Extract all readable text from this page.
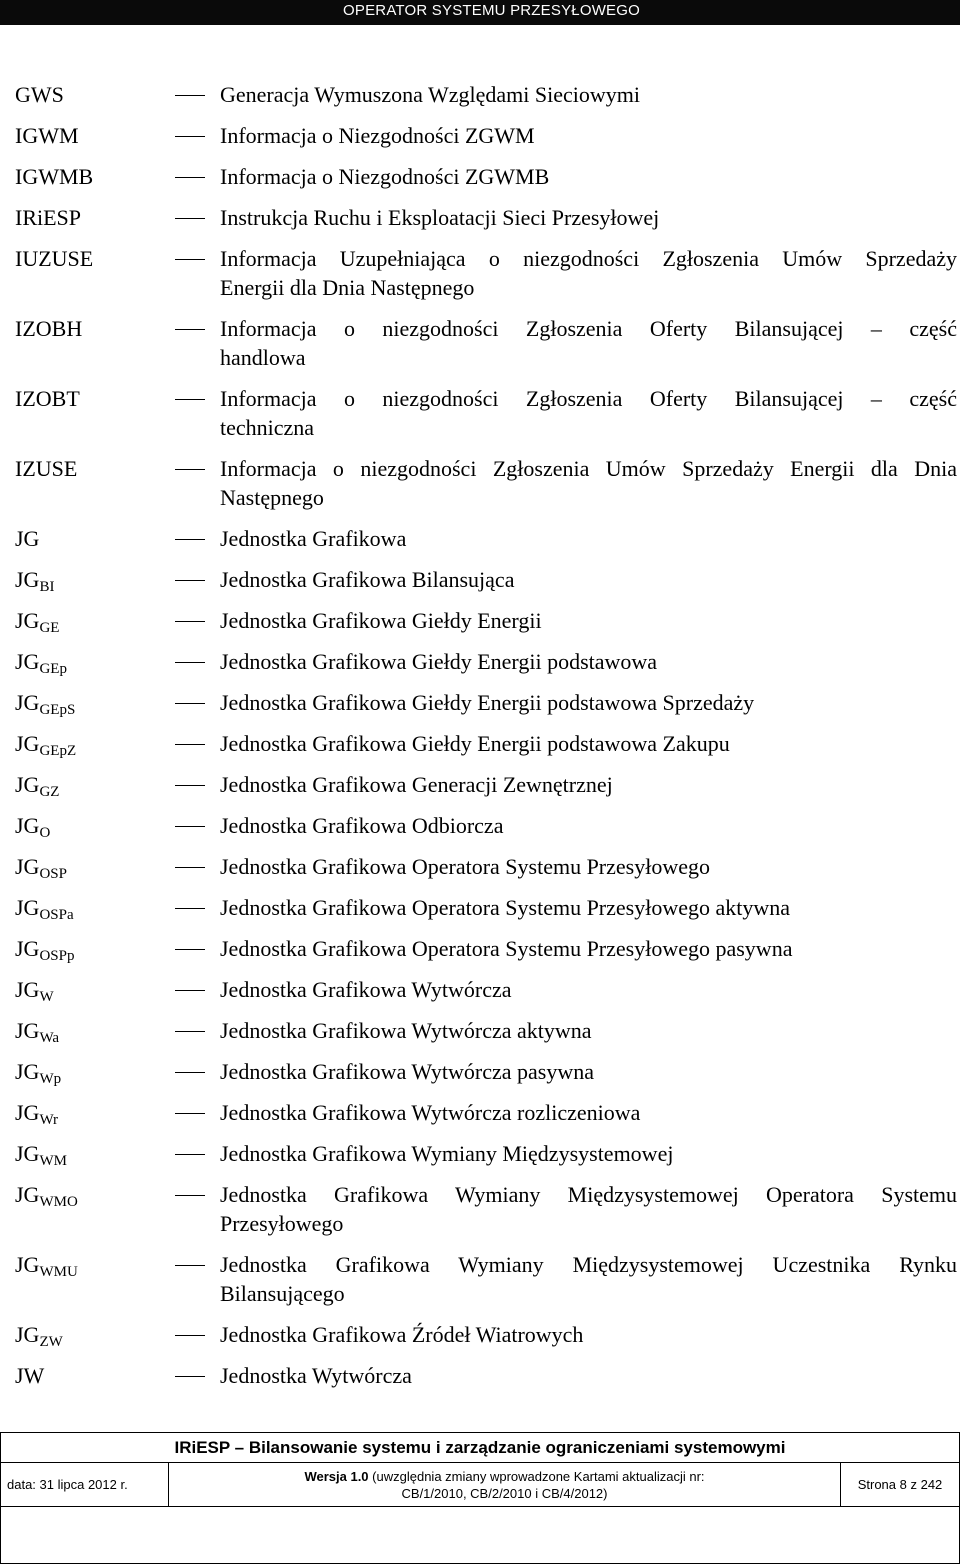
OPERATOR SYSTEMU PRZESYŁOWEGO
GWS	Generacja Wymuszona Względami Sieciowymi
IGWM	Informacja o Niezgodności ZGWM
IGWMB	Informacja o Niezgodności ZGWMB
IRiESP	Instrukcja Ruchu i Eksploatacji Sieci Przesyłowej
IUZUSE	Informacja Uzupełniająca o niezgodności Zgłoszenia Umów Sprzedaży
Energii dla Dnia Następnego
IZOBH	Informacja o niezgodności Zgłoszenia Oferty Bilansującej – część
handlowa
IZOBT	Informacja o niezgodności Zgłoszenia Oferty Bilansującej – część
techniczna
IZUSE	Informacja o niezgodności Zgłoszenia Umów Sprzedaży Energii dla Dnia
Następnego
JG	Jednostka Grafikowa
$JG_{BI}$	Jednostka Grafikowa Bilansująca
$JG_{GE}$	Jednostka Grafikowa Giełdy Energii
$JG_{GEp}$	Jednostka Grafikowa Giełdy Energii podstawowa
$JG_{GEpS}$	Jednostka Grafikowa Giełdy Energii podstawowa Sprzedaży
$JG_{GEpZ}$	Jednostka Grafikowa Giełdy Energii podstawowa Zakupu
$JG_{GZ}$	Jednostka Grafikowa Generacji Zewnętrznej
$JG_O$	Jednostka Grafikowa Odbiorcza
$JG_{OSP}$	Jednostka Grafikowa Operatora Systemu Przesyłowego
$JG_{OSPa}$	Jednostka Grafikowa Operatora Systemu Przesyłowego aktywna
$JG_{OSPp}$	Jednostka Grafikowa Operatora Systemu Przesyłowego pasywna
$JG_W$	Jednostka Grafikowa Wytwórcza
$JG_{Wa}$	Jednostka Grafikowa Wytwórcza aktywna
$JG_{Wp}$	Jednostka Grafikowa Wytwórcza pasywna
$JG_{Wr}$	Jednostka Grafikowa Wytwórcza rozliczeniowa
$JG_{WM}$	Jednostka Grafikowa Wymiany Międzysystemowej
$JG_{WMO}$	Jednostka Grafikowa Wymiany Międzysystemowej Operatora Systemu
Przesyłowego
$JG_{WMU}$	Jednostka Grafikowa Wymiany Międzysystemowej Uczestnika Rynku
Bilansującego
$JG_{ZW}$	Jednostka Grafikowa Źródeł Wiatrowych
JW	Jednostka Wytwórcza
IRiESP – Bilansowanie systemu i zarządzanie ograniczeniami systemowymi
data: 31 lipca 2012 r.
Wersja 1.0 (uwzględnia zmiany wprowadzone Kartami aktualizacji nr:
CB/1/2010, CB/2/2010 i CB/4/2012)
Strona 8 z 242
